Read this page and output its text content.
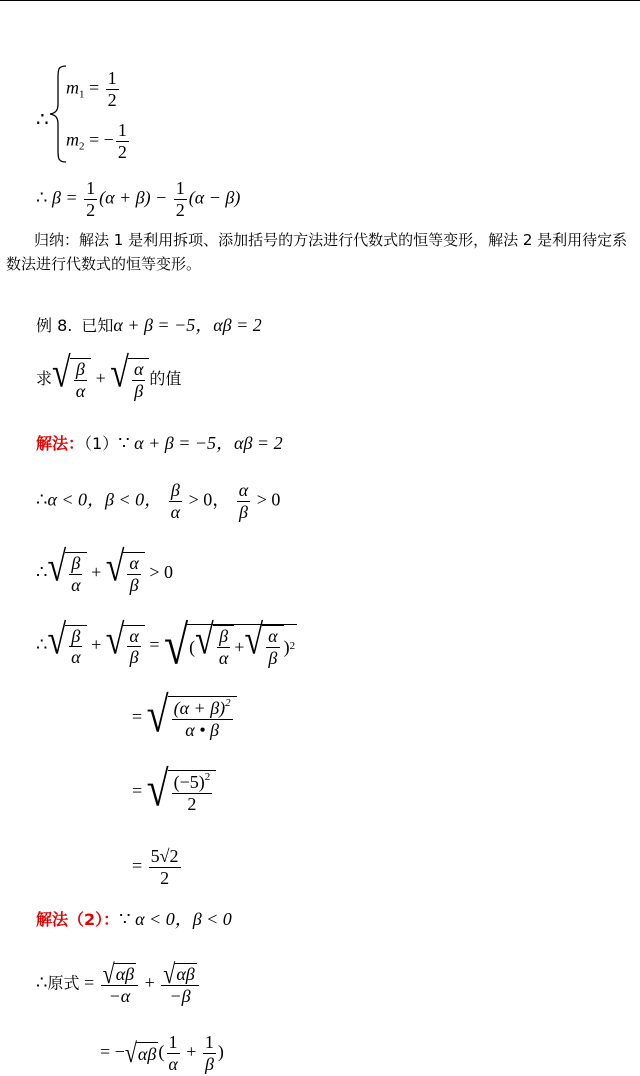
∴
$m_1 = \frac{1}{2}$
$m_2$ = − $\frac{1}{2}$
∴ $\beta = \frac{1}{2} (\alpha + \beta) - \frac{1}{2} (\alpha - \beta)$
归纳：解法 1 是利用拆项、添加括号的方法进行代数式的恒等变形，解法 2 是利用待定系数法进行代数式的恒等变形。
例 8. 已知α + β = −5，αβ = 2
求 √ $\frac{\beta}{\alpha}$ + √ $\frac{\alpha}{\beta}$ 的值
解法：（1）∵ α + β = −5，αβ = 2
∴α < 0，β < 0， $\frac{\beta}{\alpha} > 0$， $\frac{\alpha}{\beta} > 0$
∴ √ $\frac{\beta}{\alpha}$ + √ $\frac{\alpha}{\beta} > 0$
∴ √ $\frac{\beta}{\alpha}$ + √ $\frac{\alpha}{\beta}$ = √ ( √ $\frac{\beta}{\alpha}$ + √ $\frac{\alpha}{\beta}$ ) 2
= √ $\frac{(\alpha + \beta)^2}{\alpha • \beta}$
= √ $\frac{(-5)^2}{2}$
= $\frac{5√2}{2}$
解法（2）：∵ α < 0，β < 0
∴原式 = $\frac{√ \alpha\beta}{-\alpha} + \frac{√ \alpha\beta}{-\beta}$
= − √ αβ ( $\frac{1}{\alpha} + \frac{1}{\beta}$ )
